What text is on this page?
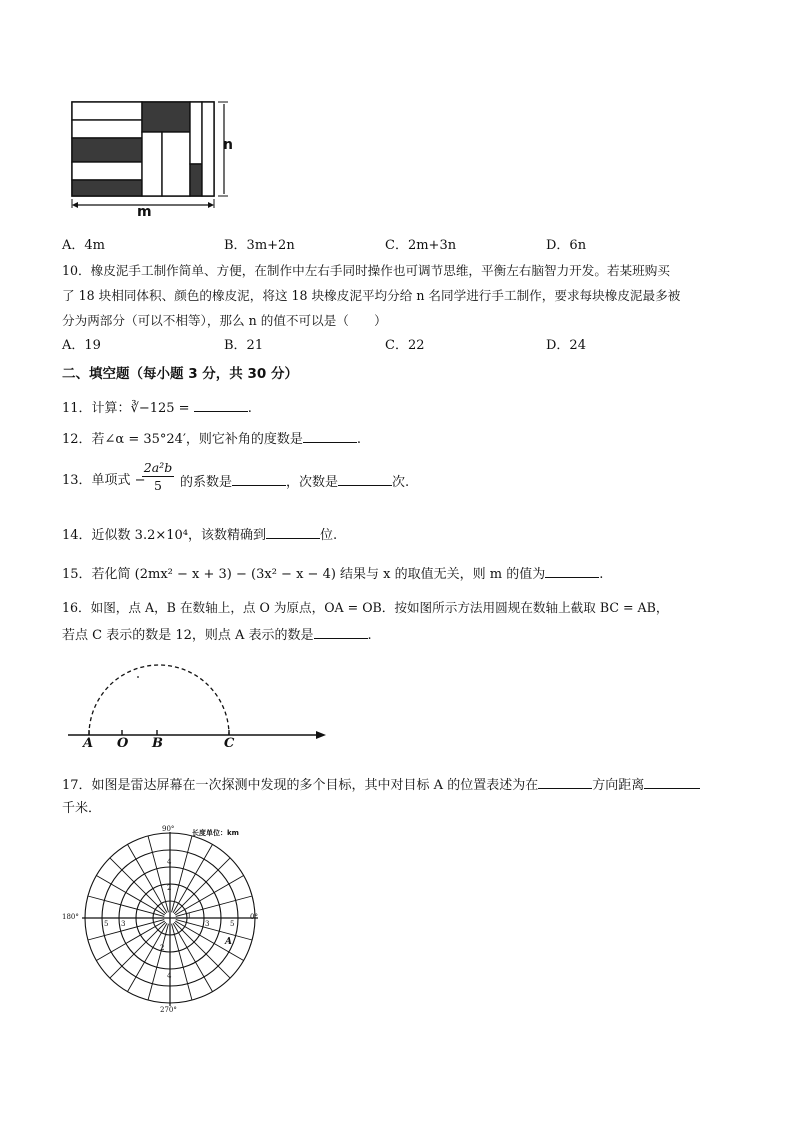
n
m
A．4m	B．3m+2n	C．2m+3n	D．6n
10．橡皮泥手工制作简单、方便，在制作中左右手同时操作也可调节思维，平衡左右脑智力开发。若某班购买
了 18 块相同体积、颜色的橡皮泥，将这 18 块橡皮泥平均分给 n 名同学进行手工制作，要求每块橡皮泥最多被
分为两部分（可以不相等），那么 n 的值不可以是（　　）
A．19	B．21	C．22	D．24
二、填空题（每小题 3 分，共 30 分）
11．计算：∛−125 =	.
12．若∠α = 35°24′，则它补角的度数是	.
13．单项式 −
$\frac{\text{2a²b}}{5}$ 的系数是	，次数是	次.
14．近似数 3.2×10⁴，该数精确到	位.
15．若化简 (2mx² − x + 3) − (3x² − x − 4) 结果与 x 的取值无关，则 m 的值为	.
16．如图，点 A，B 在数轴上，点 O 为原点，OA = OB．按如图所示方法用圆规在数轴上截取 BC = AB，
若点 C 表示的数是 12，则点 A 表示的数是	.
A O B	C
17．如图是雷达屏幕在一次探测中发现的多个目标，其中对目标 A 的位置表述为在	方向距离
千米．
长度单位：km
90°
180°	0°
270°
A
1
3	5
3
5
2
4
2
4
